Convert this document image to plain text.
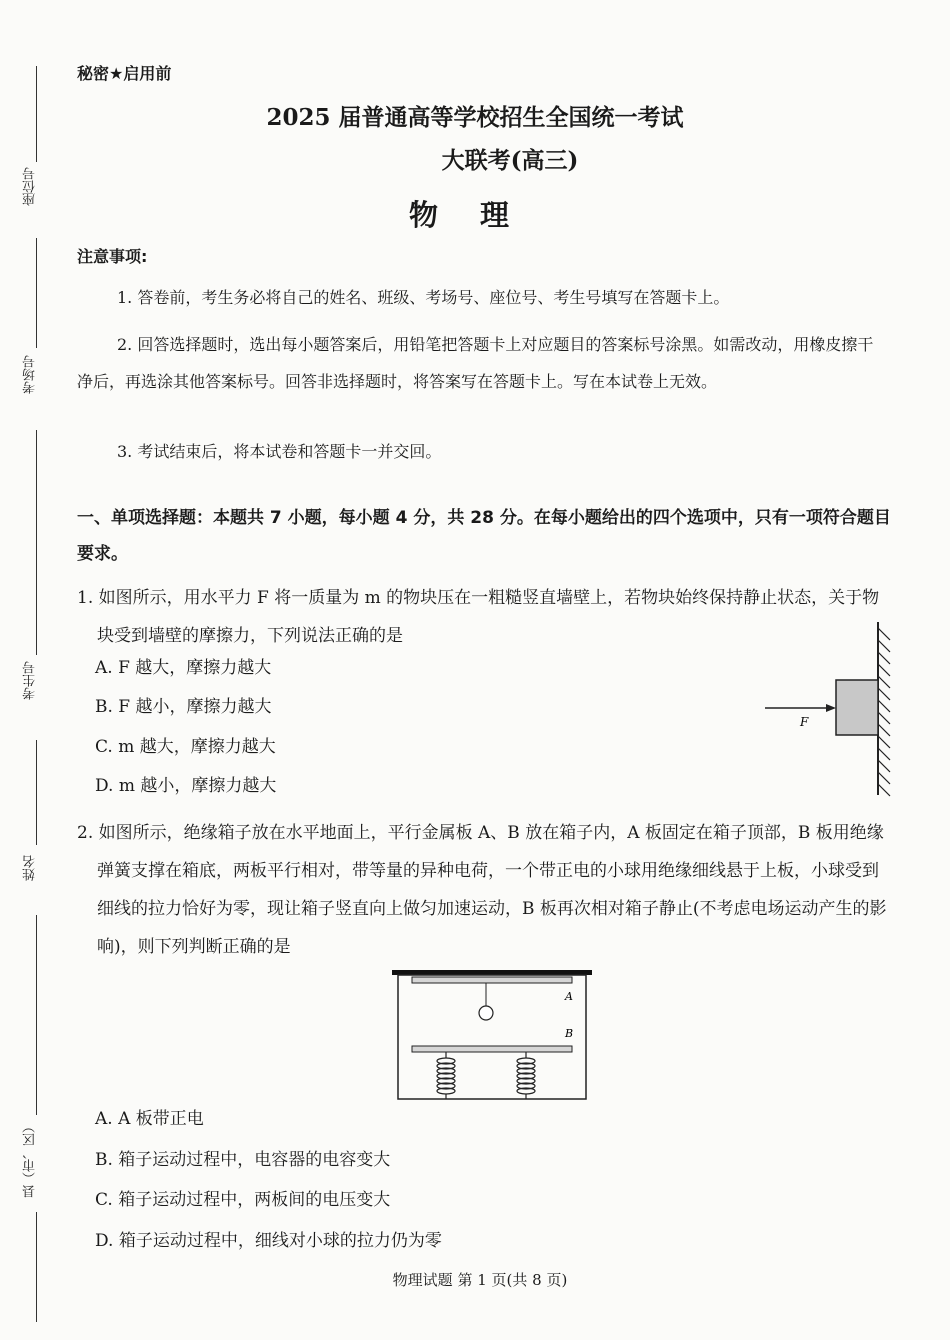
座位号
考场号
考生号
姓名
县（市、区）
秘密★启用前
2025 届普通高等学校招生全国统一考试
大联考(高三)
物理
注意事项:
1. 答卷前，考生务必将自己的姓名、班级、考场号、座位号、考生号填写在答题卡上。
2. 回答选择题时，选出每小题答案后，用铅笔把答题卡上对应题目的答案标号涂黑。如需改动，用橡皮擦干净后，再选涂其他答案标号。回答非选择题时，将答案写在答题卡上。写在本试卷上无效。
3. 考试结束后，将本试卷和答题卡一并交回。
一、单项选择题：本题共 7 小题，每小题 4 分，共 28 分。在每小题给出的四个选项中，只有一项符合题目要求。
1. 如图所示，用水平力 F 将一质量为 m 的物块压在一粗糙竖直墙壁上，若物块始终保持静止状态，关于物块受到墙壁的摩擦力，下列说法正确的是
A. F 越大，摩擦力越大
B. F 越小，摩擦力越大
C. m 越大，摩擦力越大
D. m 越小，摩擦力越大
F
2. 如图所示，绝缘箱子放在水平地面上，平行金属板 A、B 放在箱子内，A 板固定在箱子顶部，B 板用绝缘弹簧支撑在箱底，两板平行相对，带等量的异种电荷，一个带正电的小球用绝缘细线悬于上板，小球受到细线的拉力恰好为零，现让箱子竖直向上做匀加速运动，B 板再次相对箱子静止(不考虑电场运动产生的影响)，则下列判断正确的是
A
B
A. A 板带正电
B. 箱子运动过程中，电容器的电容变大
C. 箱子运动过程中，两板间的电压变大
D. 箱子运动过程中，细线对小球的拉力仍为零
物理试题 第 1 页(共 8 页)
